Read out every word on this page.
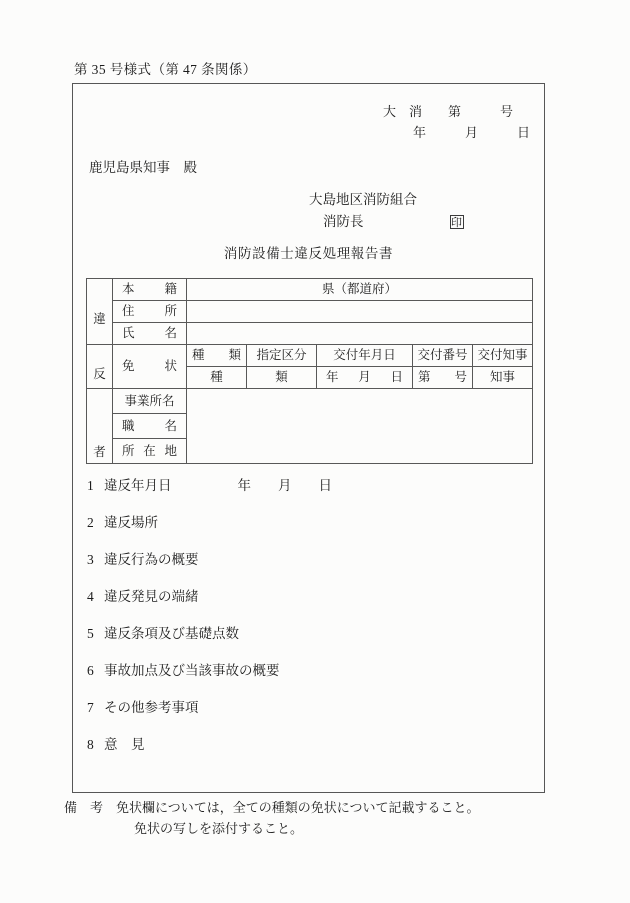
第 35 号様式（第 47 条関係）
大　消　　第　　　号
年　　　月　　　日
鹿児島県知事　殿
大島地区消防組合
消防長	印
消防設備士違反処理報告書
違	本 籍	県（都道府）				

	住 所					

	氏 名					

反	免 状	種 類	指定区分	交付年月日	交付番号	交付知事
		種	類	年 月 日	第 号	知事

者	事業所名					

	職 名					

	所 在 地					
1 違反年月日	年　　月　　日
2 違反場所
3 違反行為の概要
4 違反発見の端緒
5 違反条項及び基礎点数
6 事故加点及び当該事故の概要
7 その他参考事項
8 意　見
備　考　 免状欄については，全ての種類の免状について記載すること。
免状の写しを添付すること。
